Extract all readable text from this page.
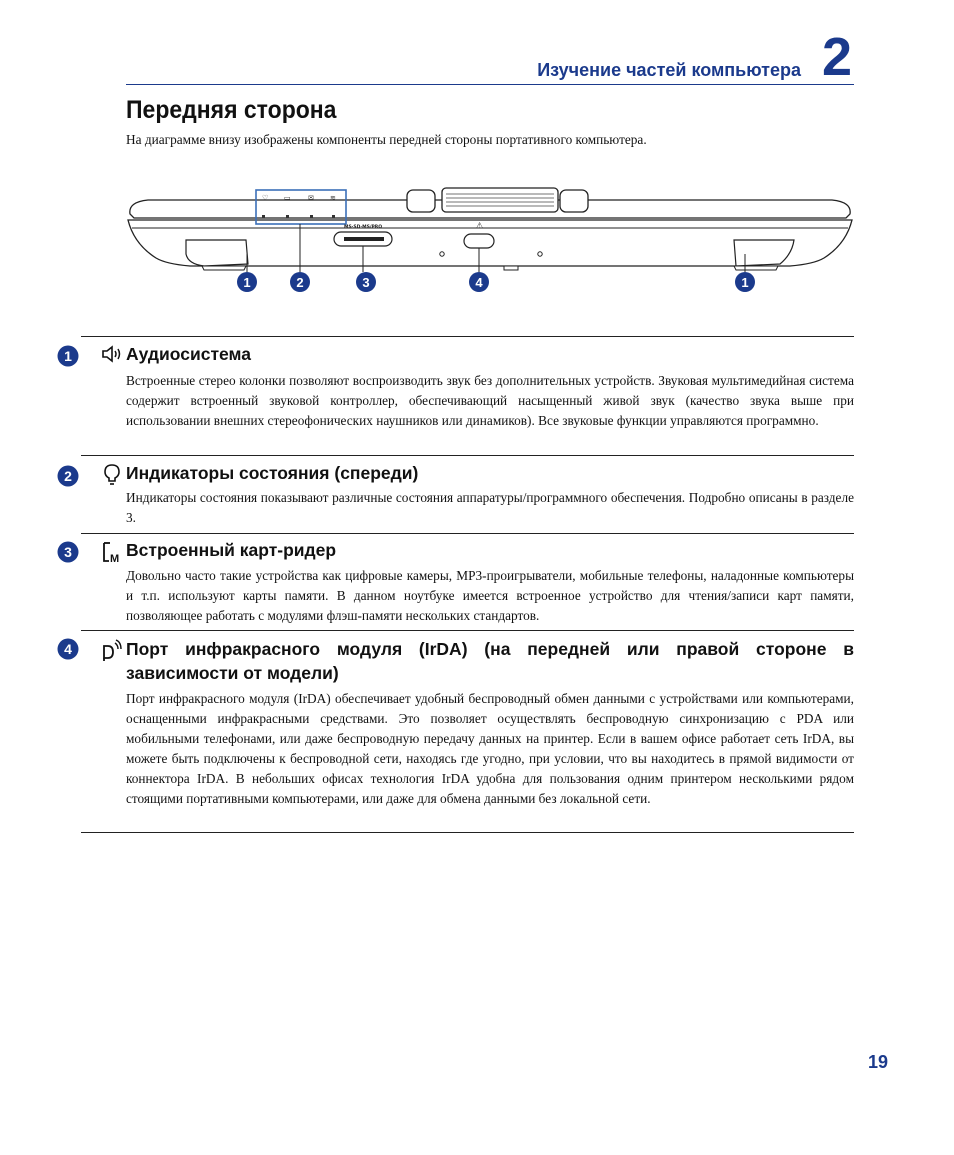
Изучение частей компьютера 2
Передняя сторона
На диаграмме внизу изображены компоненты передней стороны портативного компьютера.
♡ ▭ ✉ ≋
MS·SD·MS/PRO	⚠
1	2	3	4	1
1	Аудиосистема
Встроенные стерео колонки позволяют воспроизводить звук без дополнительных устройств. Звуковая мультимедийная система содержит встроенный звуковой контроллер, обеспечивающий насыщенный живой звук (качество звука выше при использовании внешних стереофонических наушников или динамиков). Все звуковые функции управляются программно.
2	Индикаторы состояния (спереди)
Индикаторы состояния показывают различные состояния аппаратуры/программного обеспечения. Подробно описаны в разделе 3.
3	M Встроенный карт-ридер
Довольно часто такие устройства как цифровые камеры, MP3-проигрыватели, мобильные телефоны, наладонные компьютеры и т.п. используют карты памяти. В данном ноутбуке имеется встроенное устройство для чтения/записи карт памяти, позволяющее работать с модулями флэш-памяти нескольких стандартов.
4	Порт инфракрасного модуля (IrDA) (на передней или правой стороне в зависимости от модели)
Порт инфракрасного модуля (IrDA) обеспечивает удобный беспроводный обмен данными с устройствами или компьютерами, оснащенными инфракрасными средствами. Это позволяет осуществлять беспроводную синхронизацию с PDA или мобильными телефонами, или даже беспроводную передачу данных на принтер. Если в вашем офисе работает сеть IrDA, вы можете быть подключены к беспроводной сети, находясь где угодно, при условии, что вы находитесь в прямой видимости от коннектора IrDA. В небольших офисах технология IrDA удобна для пользования одним принтером несколькими рядом стоящими портативными компьютерами, или даже для обмена данными без локальной сети.
19
